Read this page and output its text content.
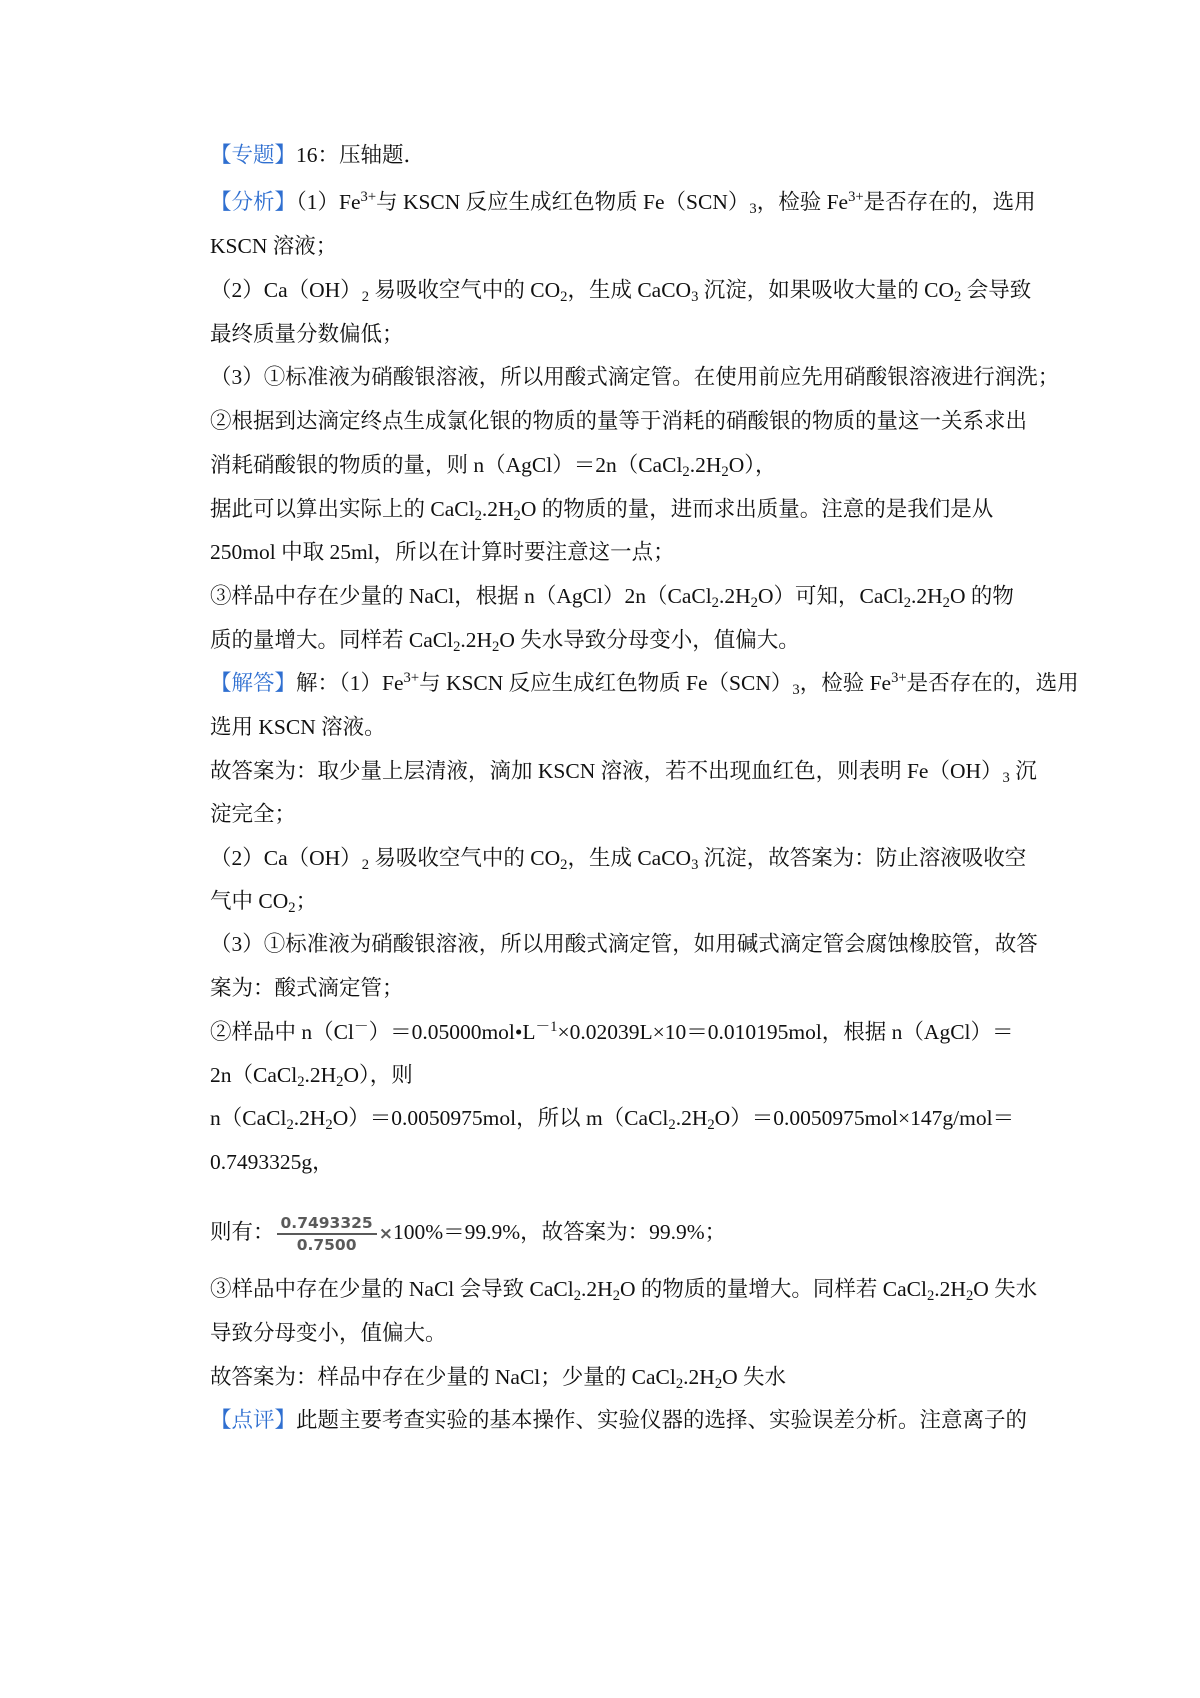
【专题】16：压轴题．
【分析】$(1)Fe^{3+}$与 KSCN 反应生成红色物质 $Fe(SCN)_3$，检验 $Fe^{3+}$是否存在的，选用
KSCN 溶液；
$(2)Ca(OH)_2$ 易吸收空气中的 $CO_2$，生成 CaCO$_3$ 沉淀，如果吸收大量的 $CO_2$ 会导致
最终质量分数偏低；
（3）①标准液为硝酸银溶液，所以用酸式滴定管。在使用前应先用硝酸银溶液进行润洗；
②根据到达滴定终点生成氯化银的物质的量等于消耗的硝酸银的物质的量这一关系求出
消耗硝酸银的物质的量，则 $n(AgCl)=2n(CaCl_2.2H_2O)$，
据此可以算出实际上的 $CaCl_2.2H_2O$ 的物质的量，进而求出质量。注意的是我们是从
250mol 中取 25ml，所以在计算时要注意这一点；
③样品中存在少量的 NaCl，根据 $n(AgCl)2n(CaCl_2.2H_2O)$可知，$CaCl_2.2H_2O$ 的物
质的量增大。同样若 $CaCl_2.2H_2O$ 失水导致分母变小，值偏大。
【解答】解：$(1)Fe^{3+}$与 KSCN 反应生成红色物质 $Fe(SCN)_3$，检验 $Fe^{3+}$是否存在的，选用
选用 KSCN 溶液。
故答案为：取少量上层清液，滴加 KSCN 溶液，若不出现血红色，则表明 $Fe(OH)_3$ 沉
淀完全；
$(2)Ca(OH)_2$ 易吸收空气中的 $CO_2$，生成 CaCO$_3$ 沉淀，故答案为：防止溶液吸收空
气中 $CO_2$；
（3）①标准液为硝酸银溶液，所以用酸式滴定管，如用碱式滴定管会腐蚀橡胶管，故答
案为：酸式滴定管；
②样品中 $n(Cl^-)=0.05000mol•L^{-1}\times 0.02039L\times 10=0.010195mol$，根据 n（AgCl）＝
$2n(CaCl_2.2H_2O)$，则
$n(CaCl_2.2H_2O)=0.0050975mol$，所以 $m(CaCl_2.2H_2O)=0.0050975mol\times 147g/mol=$
0.7493325g，
则有： $\frac{0.7493325}{0.7500} \times 100\%=99.9\%$，故答案为：99.9%；
③样品中存在少量的 NaCl 会导致 $CaCl_2.2H_2O$ 的物质的量增大。同样若 $CaCl_2.2H_2O$ 失水
导致分母变小，值偏大。
故答案为：样品中存在少量的 NaCl；少量的 $CaCl_2.2H_2O$ 失水
【点评】此题主要考查实验的基本操作、实验仪器的选择、实验误差分析。注意离子的
